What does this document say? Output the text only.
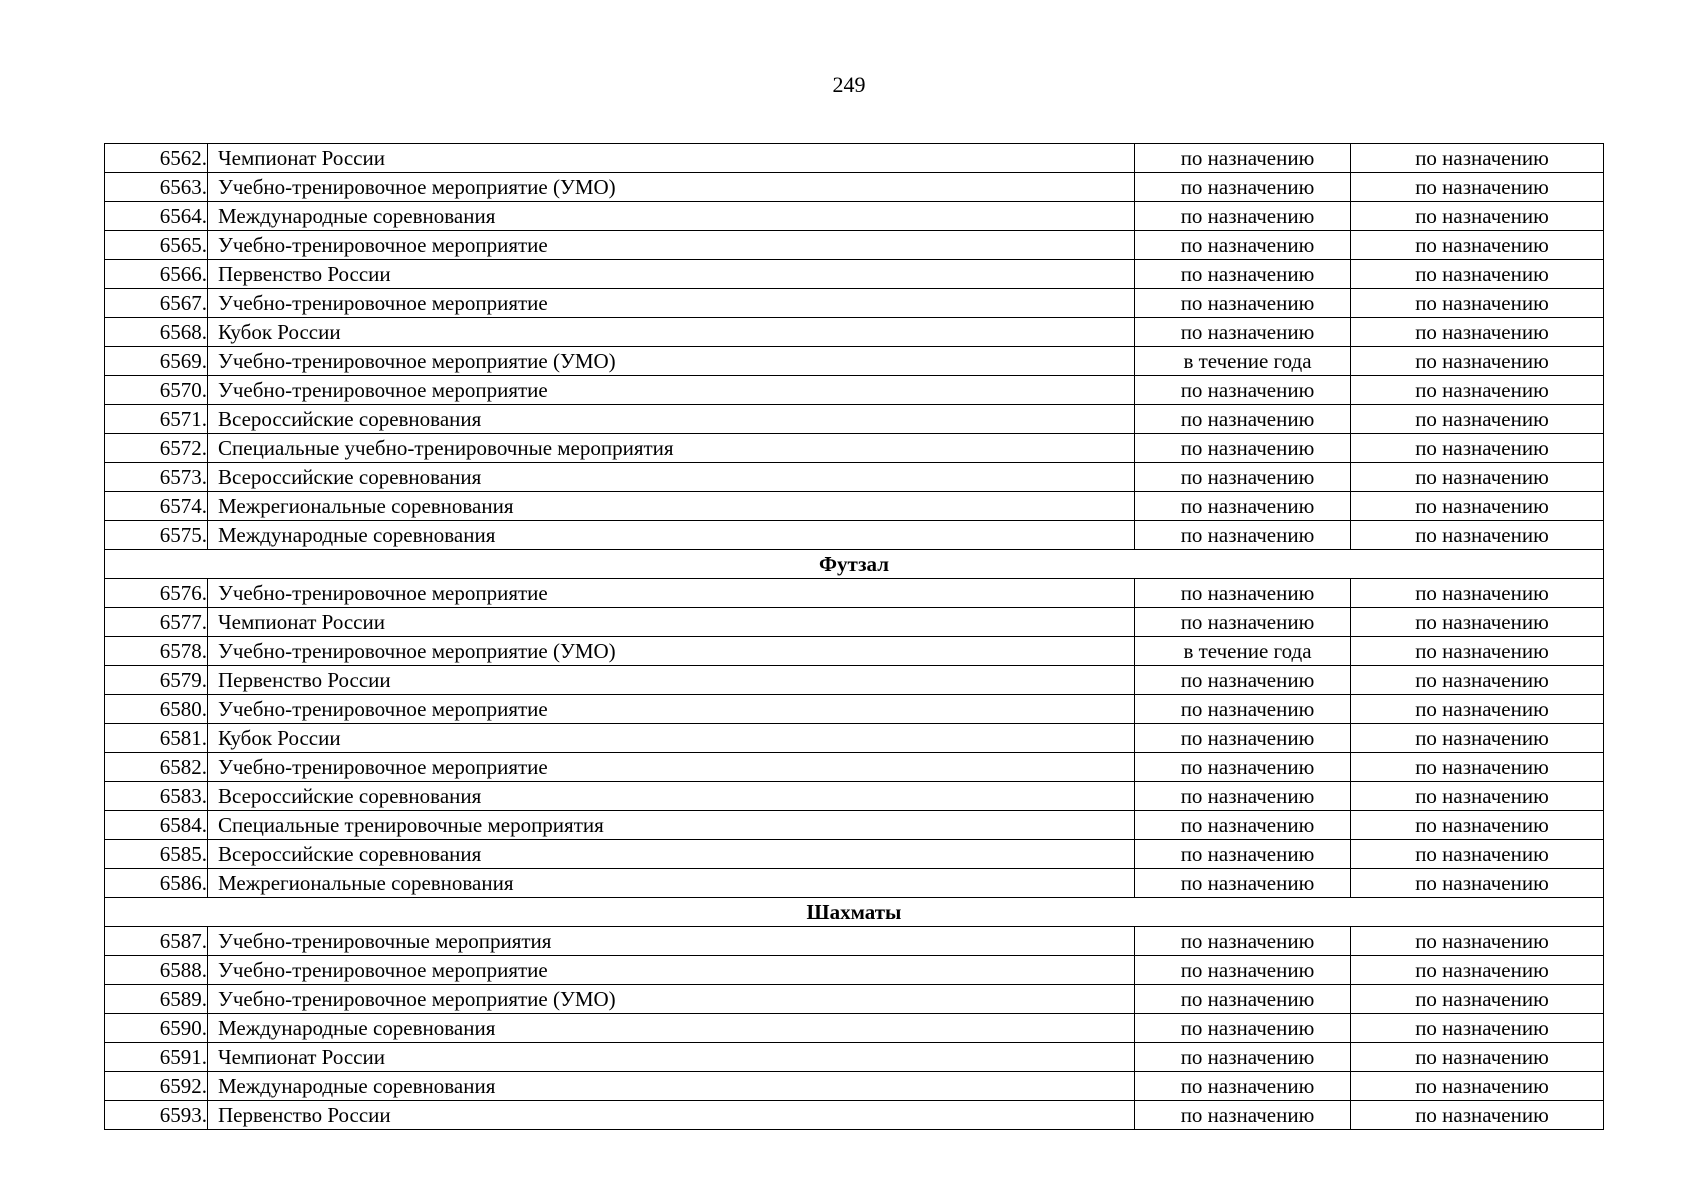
249
6562.	Чемпионат России	по назначению	по назначению
6563.	Учебно-тренировочное мероприятие (УМО)	по назначению	по назначению
6564.	Международные соревнования	по назначению	по назначению
6565.	Учебно-тренировочное мероприятие	по назначению	по назначению
6566.	Первенство России	по назначению	по назначению
6567.	Учебно-тренировочное мероприятие	по назначению	по назначению
6568.	Кубок России	по назначению	по назначению
6569.	Учебно-тренировочное мероприятие (УМО)	в течение года	по назначению
6570.	Учебно-тренировочное мероприятие	по назначению	по назначению
6571.	Всероссийские соревнования	по назначению	по назначению
6572.	Специальные учебно-тренировочные мероприятия	по назначению	по назначению
6573.	Всероссийские соревнования	по назначению	по назначению
6574.	Межрегиональные соревнования	по назначению	по назначению
6575.	Международные соревнования	по назначению	по назначению
Футзал			
6576.	Учебно-тренировочное мероприятие	по назначению	по назначению
6577.	Чемпионат России	по назначению	по назначению
6578.	Учебно-тренировочное мероприятие (УМО)	в течение года	по назначению
6579.	Первенство России	по назначению	по назначению
6580.	Учебно-тренировочное мероприятие	по назначению	по назначению
6581.	Кубок России	по назначению	по назначению
6582.	Учебно-тренировочное мероприятие	по назначению	по назначению
6583.	Всероссийские соревнования	по назначению	по назначению
6584.	Специальные тренировочные мероприятия	по назначению	по назначению
6585.	Всероссийские соревнования	по назначению	по назначению
6586.	Межрегиональные соревнования	по назначению	по назначению
Шахматы			
6587.	Учебно-тренировочные мероприятия	по назначению	по назначению
6588.	Учебно-тренировочное мероприятие	по назначению	по назначению
6589.	Учебно-тренировочное мероприятие (УМО)	по назначению	по назначению
6590.	Международные соревнования	по назначению	по назначению
6591.	Чемпионат России	по назначению	по назначению
6592.	Международные соревнования	по назначению	по назначению
6593.	Первенство России	по назначению	по назначению
